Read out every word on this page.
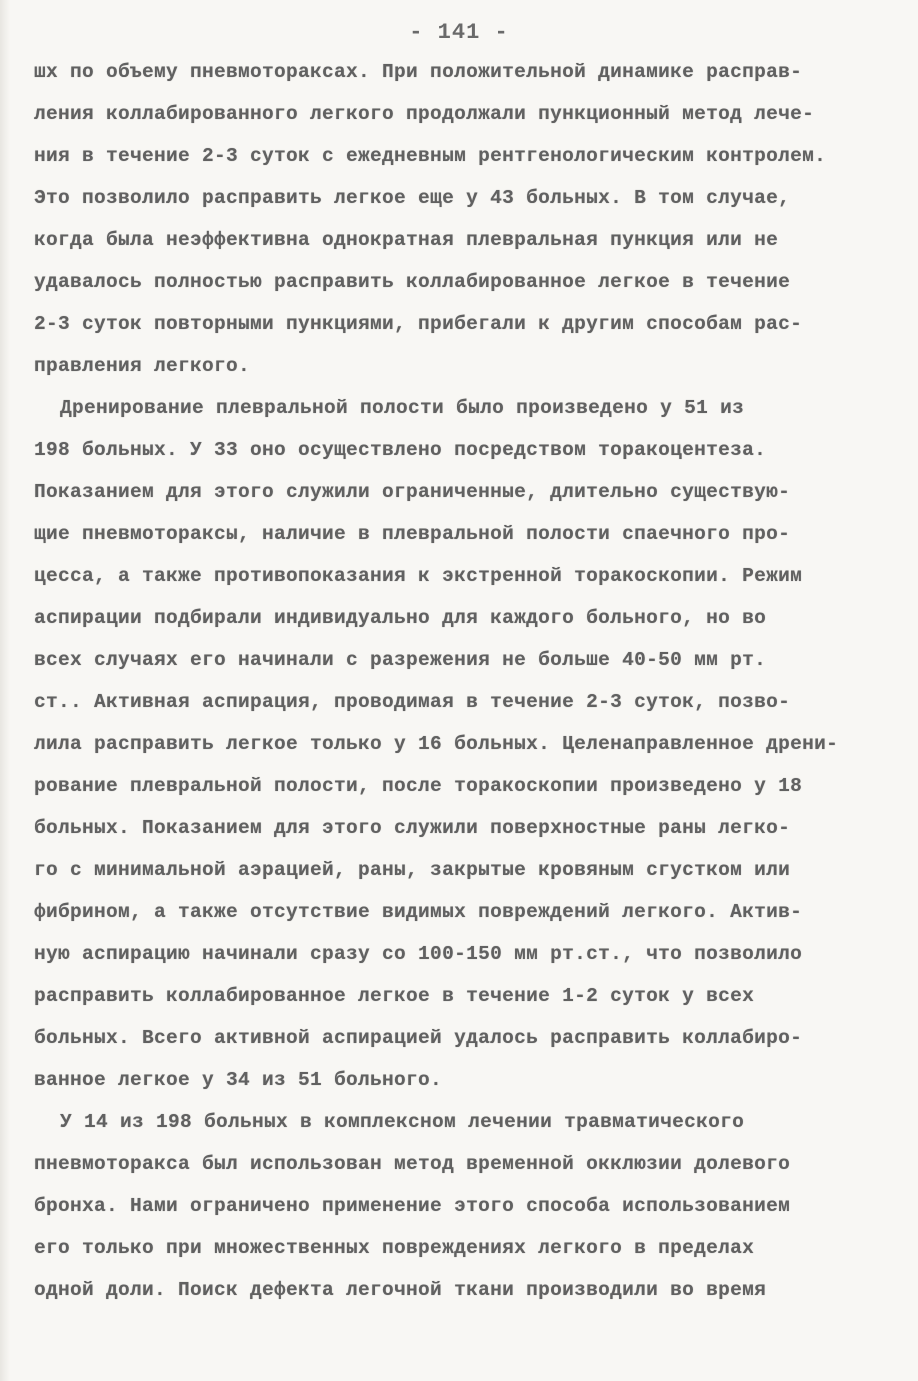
- 141 -
шх по объему пневмотораксах. При положительной динамике расправ-
ления коллабированного легкого продолжали пункционный метод лече-
ния в течение 2-3 суток с ежедневным рентгенологическим контролем.
Это позволило расправить легкое еще у 43 больных. В том случае,
когда была неэффективна однократная плевральная пункция или не
удавалось полностью расправить коллабированное легкое в течение
2-3 суток повторными пункциями, прибегали к другим способам рас-
правления легкого.
Дренирование плевральной полости было произведено у 51 из
198 больных. У 33 оно осуществлено посредством торакоцентеза.
Показанием для этого служили ограниченные, длительно существую-
щие пневмотораксы, наличие в плевральной полости спаечного про-
цесса, а также противопоказания к экстренной торакоскопии. Режим
аспирации подбирали индивидуально для каждого больного, но во
всех случаях его начинали с разрежения не больше 40-50 мм рт.
ст.. Активная аспирация, проводимая в течение 2-3 суток, позво-
лила расправить легкое только у 16 больных. Целенаправленное дрени-
рование плевральной полости, после торакоскопии произведено у 18
больных. Показанием для этого служили поверхностные раны легко-
го с минимальной аэрацией, раны, закрытые кровяным сгустком или
фибрином, а также отсутствие видимых повреждений легкого. Актив-
ную аспирацию начинали сразу со 100-150 мм рт.ст., что позволило
расправить коллабированное легкое в течение 1-2 суток у всех
больных. Всего активной аспирацией удалось расправить коллабиро-
ванное легкое у 34 из 51 больного.
У 14 из 198 больных в комплексном лечении травматического
пневмоторакса был использован метод временной окклюзии долевого
бронха. Нами ограничено применение этого способа использованием
его только при множественных повреждениях легкого в пределах
одной доли. Поиск дефекта легочной ткани производили во время
